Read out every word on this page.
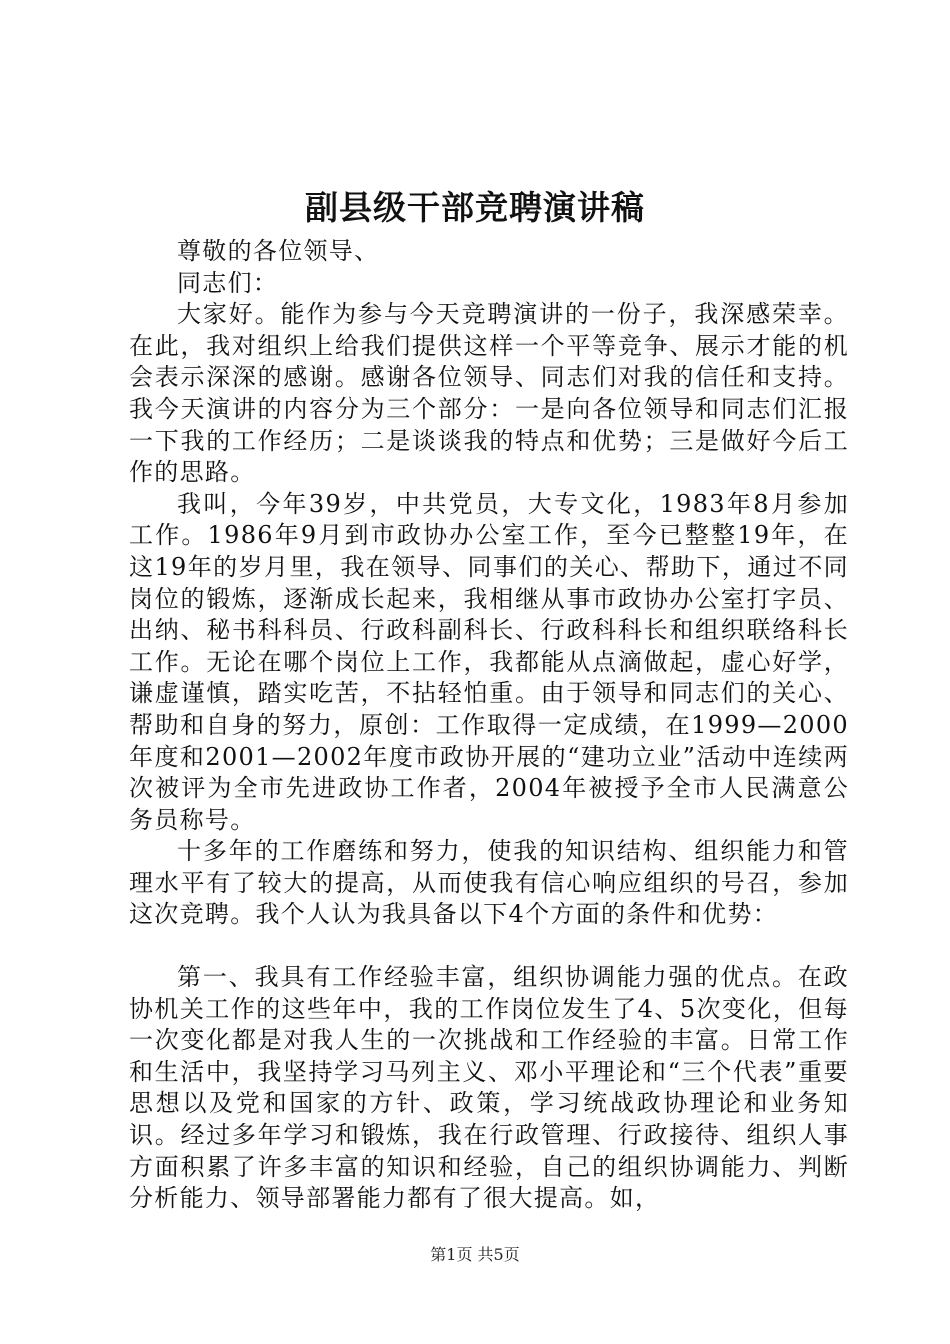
副县级干部竞聘演讲稿

尊敬的各位领导、

同志们：

大家好。能作为参与今天竞聘演讲的一份子，我深感荣幸。在此，我对组织上给我们提供这样一个平等竞争、展示才能的机会表示深深的感谢。感谢各位领导、同志们对我的信任和支持。我今天演讲的内容分为三个部分：一是向各位领导和同志们汇报一下我的工作经历；二是谈谈我的特点和优势；三是做好今后工作的思路。

我叫，今年39岁，中共党员，大专文化，1983年8月参加工作。1986年9月到市政协办公室工作，至今已整整19年，在这19年的岁月里，我在领导、同事们的关心、帮助下，通过不同岗位的锻炼，逐渐成长起来，我相继从事市政协办公室打字员、出纳、秘书科科员、行政科副科长、行政科科长和组织联络科长工作。无论在哪个岗位上工作，我都能从点滴做起，虚心好学，谦虚谨慎，踏实吃苦，不拈轻怕重。由于领导和同志们的关心、帮助和自身的努力，原创：工作取得一定成绩，在1999—2000年度和2001—2002年度市政协开展的“建功立业”活动中连续两次被评为全市先进政协工作者，2004年被授予全市人民满意公务员称号。

十多年的工作磨练和努力，使我的知识结构、组织能力和管理水平有了较大的提高，从而使我有信心响应组织的号召，参加这次竞聘。我个人认为我具备以下4个方面的条件和优势：

第一、我具有工作经验丰富，组织协调能力强的优点。在政协机关工作的这些年中，我的工作岗位发生了4、5次变化，但每一次变化都是对我人生的一次挑战和工作经验的丰富。日常工作和生活中，我坚持学习马列主义、邓小平理论和“三个代表”重要思想以及党和国家的方针、政策，学习统战政协理论和业务知识。经过多年学习和锻炼，我在行政管理、行政接待、组织人事方面积累了许多丰富的知识和经验，自己的组织协调能力、判断分析能力、领导部署能力都有了很大提高。如，

第1页 共5页
